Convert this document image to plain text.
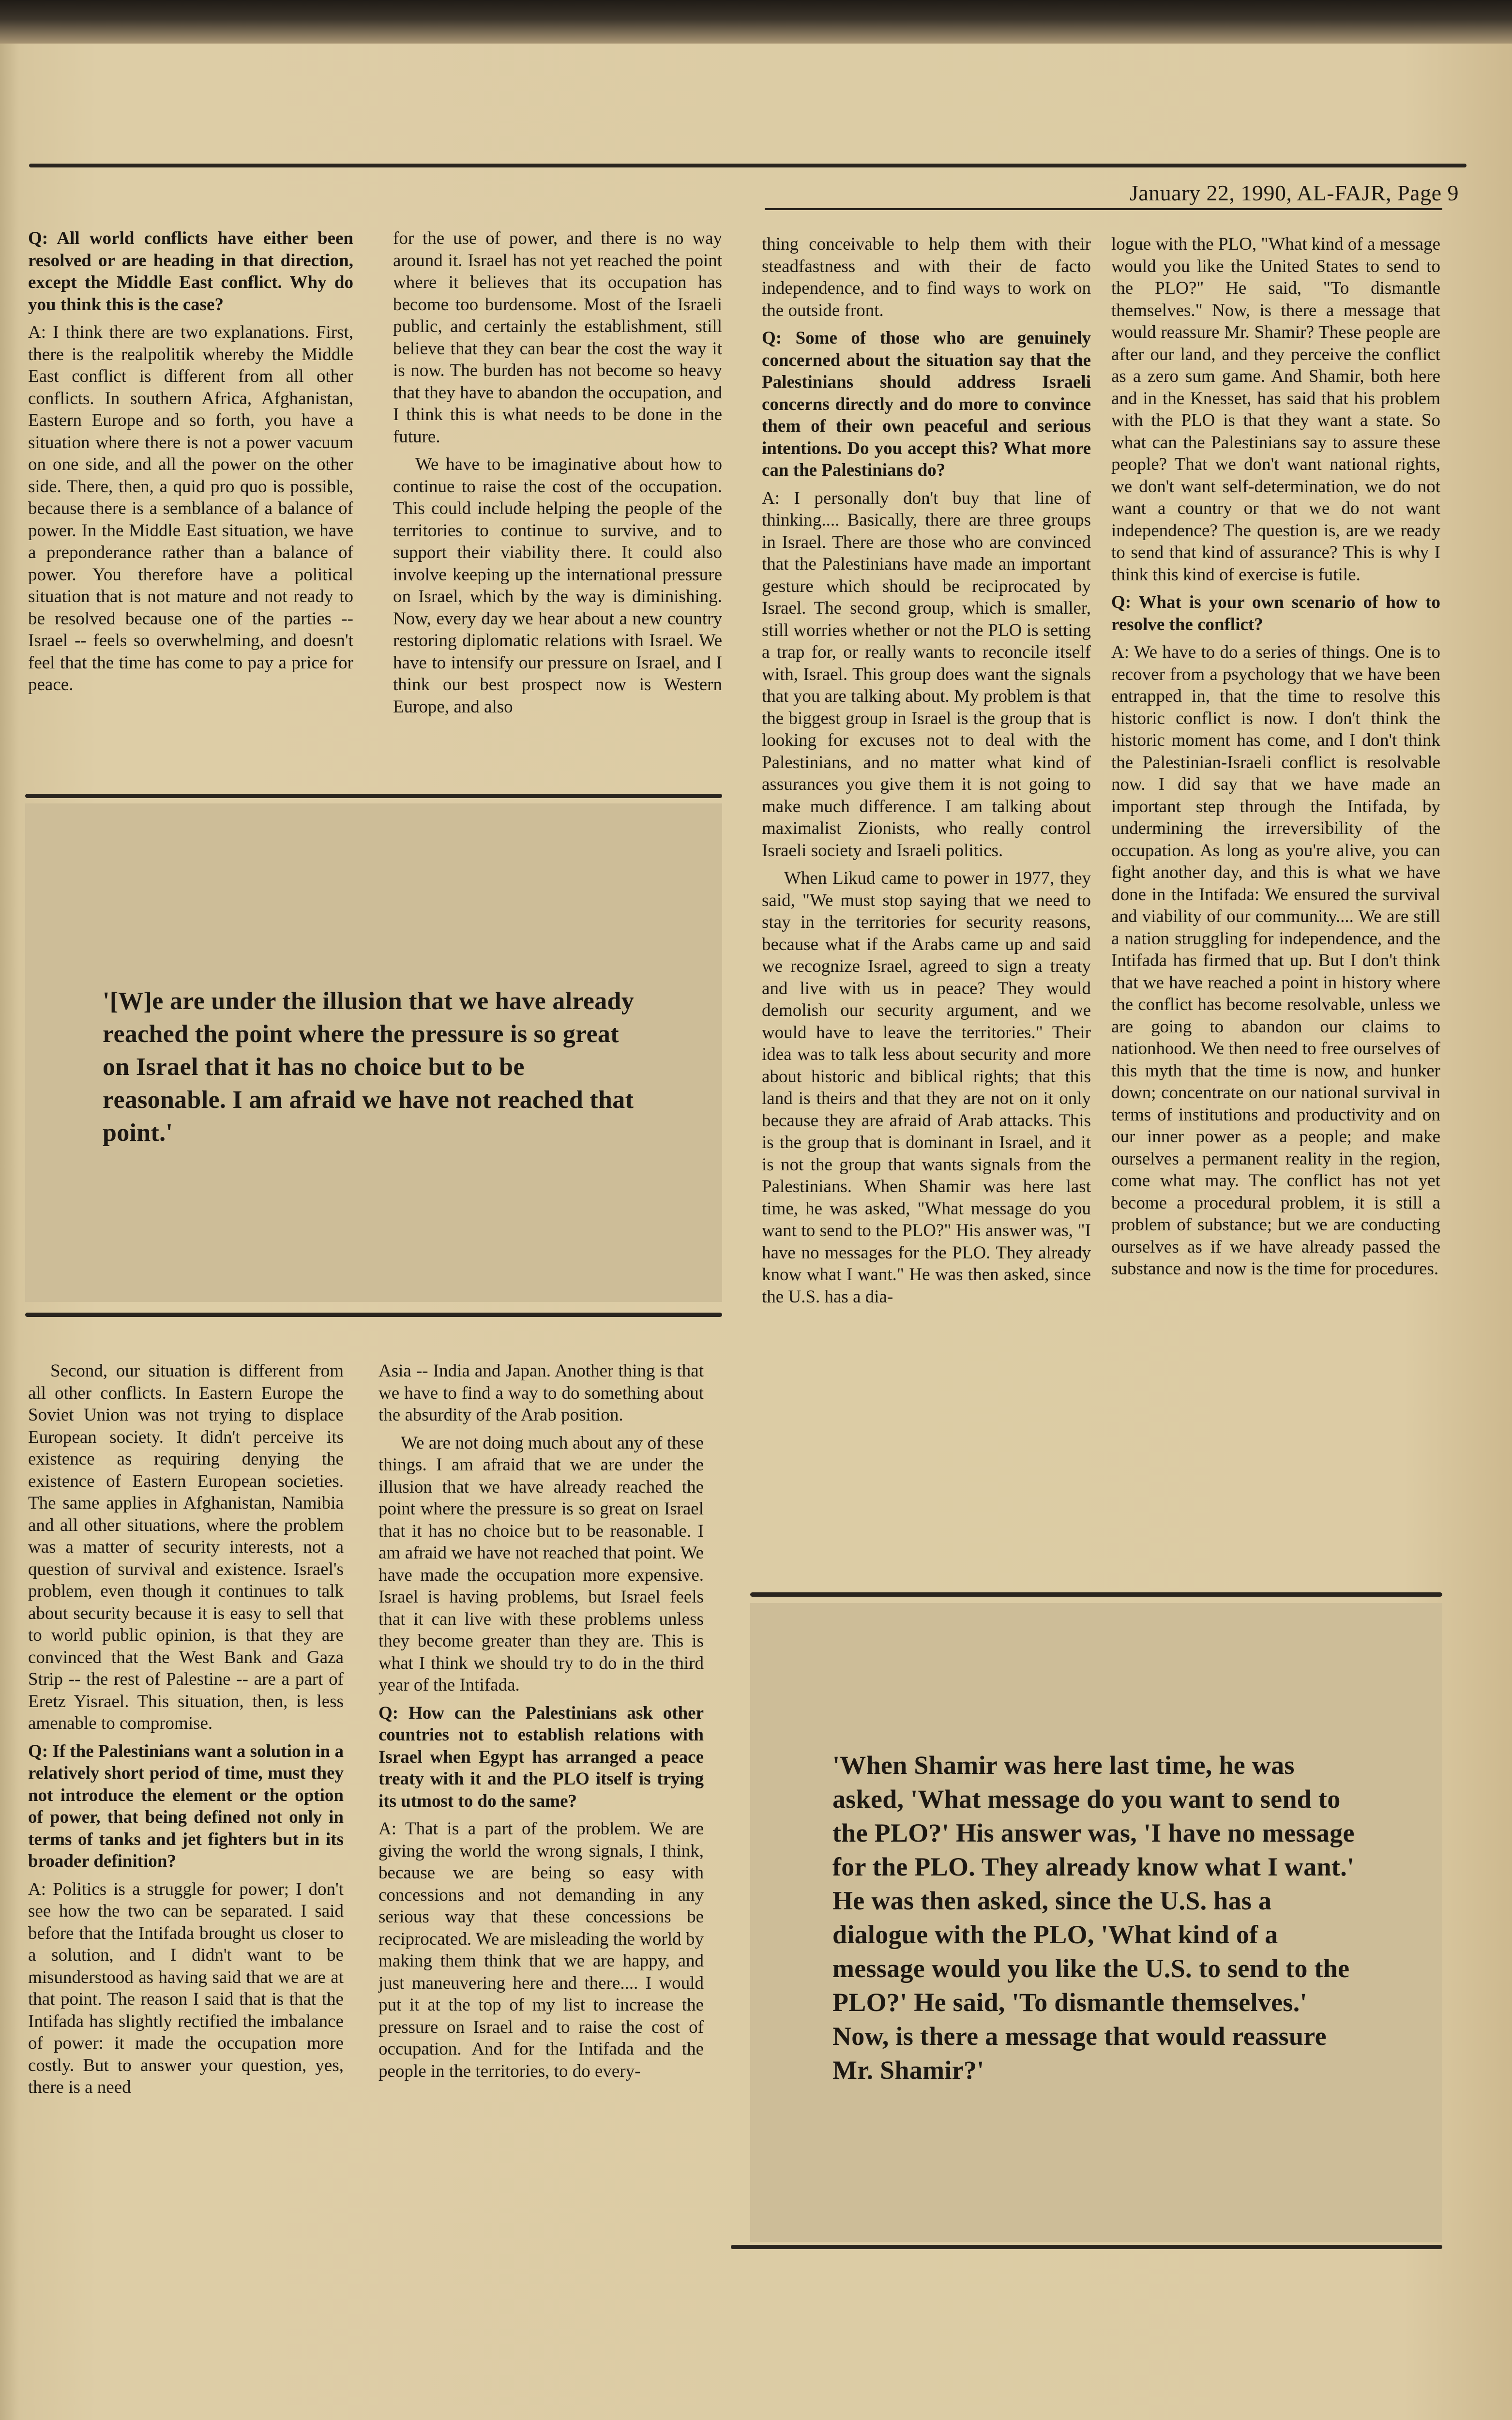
January 22, 1990, AL-FAJR, Page 9

Q: All world conflicts have either been resolved or are heading in that direction, except the Middle East conflict. Why do you think this is the case?

A: I think there are two explanations. First, there is the realpolitik whereby the Middle East conflict is different from all other conflicts. In southern Africa, Afghanistan, Eastern Europe and so forth, you have a situation where there is not a power vacuum on one side, and all the power on the other side. There, then, a quid pro quo is possible, because there is a semblance of a balance of power. In the Middle East situation, we have a preponderance rather than a balance of power. You therefore have a political situation that is not mature and not ready to be resolved because one of the parties -- Israel -- feels so overwhelming, and doesn't feel that the time has come to pay a price for peace.

for the use of power, and there is no way around it. Israel has not yet reached the point where it believes that its occupation has become too burdensome. Most of the Israeli public, and certainly the establishment, still believe that they can bear the cost the way it is now. The burden has not become so heavy that they have to abandon the occupation, and I think this is what needs to be done in the future.

We have to be imaginative about how to continue to raise the cost of the occupation. This could include helping the people of the territories to continue to survive, and to support their viability there. It could also involve keeping up the international pressure on Israel, which by the way is diminishing. Now, every day we hear about a new country restoring diplomatic relations with Israel. We have to intensify our pressure on Israel, and I think our best prospect now is Western Europe, and also

'[W]e are under the illusion that we have already reached the point where the pressure is so great on Israel that it has no choice but to be reasonable. I am afraid we have not reached that point.'

thing conceivable to help them with their steadfastness and with their de facto independence, and to find ways to work on the outside front.

Q: Some of those who are genuinely concerned about the situation say that the Palestinians should address Israeli concerns directly and do more to convince them of their own peaceful and serious intentions. Do you accept this? What more can the Palestinians do?

A: I personally don't buy that line of thinking.... Basically, there are three groups in Israel. There are those who are convinced that the Palestinians have made an important gesture which should be reciprocated by Israel. The second group, which is smaller, still worries whether or not the PLO is setting a trap for, or really wants to reconcile itself with, Israel. This group does want the signals that you are talking about. My problem is that the biggest group in Israel is the group that is looking for excuses not to deal with the Palestinians, and no matter what kind of assurances you give them it is not going to make much difference. I am talking about maximalist Zionists, who really control Israeli society and Israeli politics.

When Likud came to power in 1977, they said, "We must stop saying that we need to stay in the territories for security reasons, because what if the Arabs came up and said we recognize Israel, agreed to sign a treaty and live with us in peace? They would demolish our security argument, and we would have to leave the territories." Their idea was to talk less about security and more about historic and biblical rights; that this land is theirs and that they are not on it only because they are afraid of Arab attacks. This is the group that is dominant in Israel, and it is not the group that wants signals from the Palestinians. When Shamir was here last time, he was asked, "What message do you want to send to the PLO?" His answer was, "I have no messages for the PLO. They already know what I want." He was then asked, since the U.S. has a dia-

logue with the PLO, "What kind of a message would you like the United States to send to the PLO?" He said, "To dismantle themselves." Now, is there a message that would reassure Mr. Shamir? These people are after our land, and they perceive the conflict as a zero sum game. And Shamir, both here and in the Knesset, has said that his problem with the PLO is that they want a state. So what can the Palestinians say to assure these people? That we don't want national rights, we don't want self-determination, we do not want a country or that we do not want independence? The question is, are we ready to send that kind of assurance? This is why I think this kind of exercise is futile.

Q: What is your own scenario of how to resolve the conflict?

A: We have to do a series of things. One is to recover from a psychology that we have been entrapped in, that the time to resolve this historic conflict is now. I don't think the historic moment has come, and I don't think the Palestinian-Israeli conflict is resolvable now. I did say that we have made an important step through the Intifada, by undermining the irreversibility of the occupation. As long as you're alive, you can fight another day, and this is what we have done in the Intifada: We ensured the survival and viability of our community.... We are still a nation struggling for independence, and the Intifada has firmed that up. But I don't think that we have reached a point in history where the conflict has become resolvable, unless we are going to abandon our claims to nationhood. We then need to free ourselves of this myth that the time is now, and hunker down; concentrate on our national survival in terms of institutions and productivity and on our inner power as a people; and make ourselves a permanent reality in the region, come what may. The conflict has not yet become a procedural problem, it is still a problem of substance; but we are conducting ourselves as if we have already passed the substance and now is the time for procedures.

Second, our situation is different from all other conflicts. In Eastern Europe the Soviet Union was not trying to displace European society. It didn't perceive its existence as requiring denying the existence of Eastern European societies. The same applies in Afghanistan, Namibia and all other situations, where the problem was a matter of security interests, not a question of survival and existence. Israel's problem, even though it continues to talk about security because it is easy to sell that to world public opinion, is that they are convinced that the West Bank and Gaza Strip -- the rest of Palestine -- are a part of Eretz Yisrael. This situation, then, is less amenable to compromise.

Q: If the Palestinians want a solution in a relatively short period of time, must they not introduce the element or the option of power, that being defined not only in terms of tanks and jet fighters but in its broader definition?

A: Politics is a struggle for power; I don't see how the two can be separated. I said before that the Intifada brought us closer to a solution, and I didn't want to be misunderstood as having said that we are at that point. The reason I said that is that the Intifada has slightly rectified the imbalance of power: it made the occupation more costly. But to answer your question, yes, there is a need

Asia -- India and Japan. Another thing is that we have to find a way to do something about the absurdity of the Arab position.

We are not doing much about any of these things. I am afraid that we are under the illusion that we have already reached the point where the pressure is so great on Israel that it has no choice but to be reasonable. I am afraid we have not reached that point. We have made the occupation more expensive. Israel is having problems, but Israel feels that it can live with these problems unless they become greater than they are. This is what I think we should try to do in the third year of the Intifada.

Q: How can the Palestinians ask other countries not to establish relations with Israel when Egypt has arranged a peace treaty with it and the PLO itself is trying its utmost to do the same?

A: That is a part of the problem. We are giving the world the wrong signals, I think, because we are being so easy with concessions and not demanding in any serious way that these concessions be reciprocated. We are misleading the world by making them think that we are happy, and just maneuvering here and there.... I would put it at the top of my list to increase the pressure on Israel and to raise the cost of occupation. And for the Intifada and the people in the territories, to do every-

'When Shamir was here last time, he was asked, 'What message do you want to send to the PLO?' His answer was, 'I have no message for the PLO. They already know what I want.' He was then asked, since the U.S. has a dialogue with the PLO, 'What kind of a message would you like the U.S. to send to the PLO?' He said, 'To dismantle themselves.' Now, is there a message that would reassure Mr. Shamir?'
